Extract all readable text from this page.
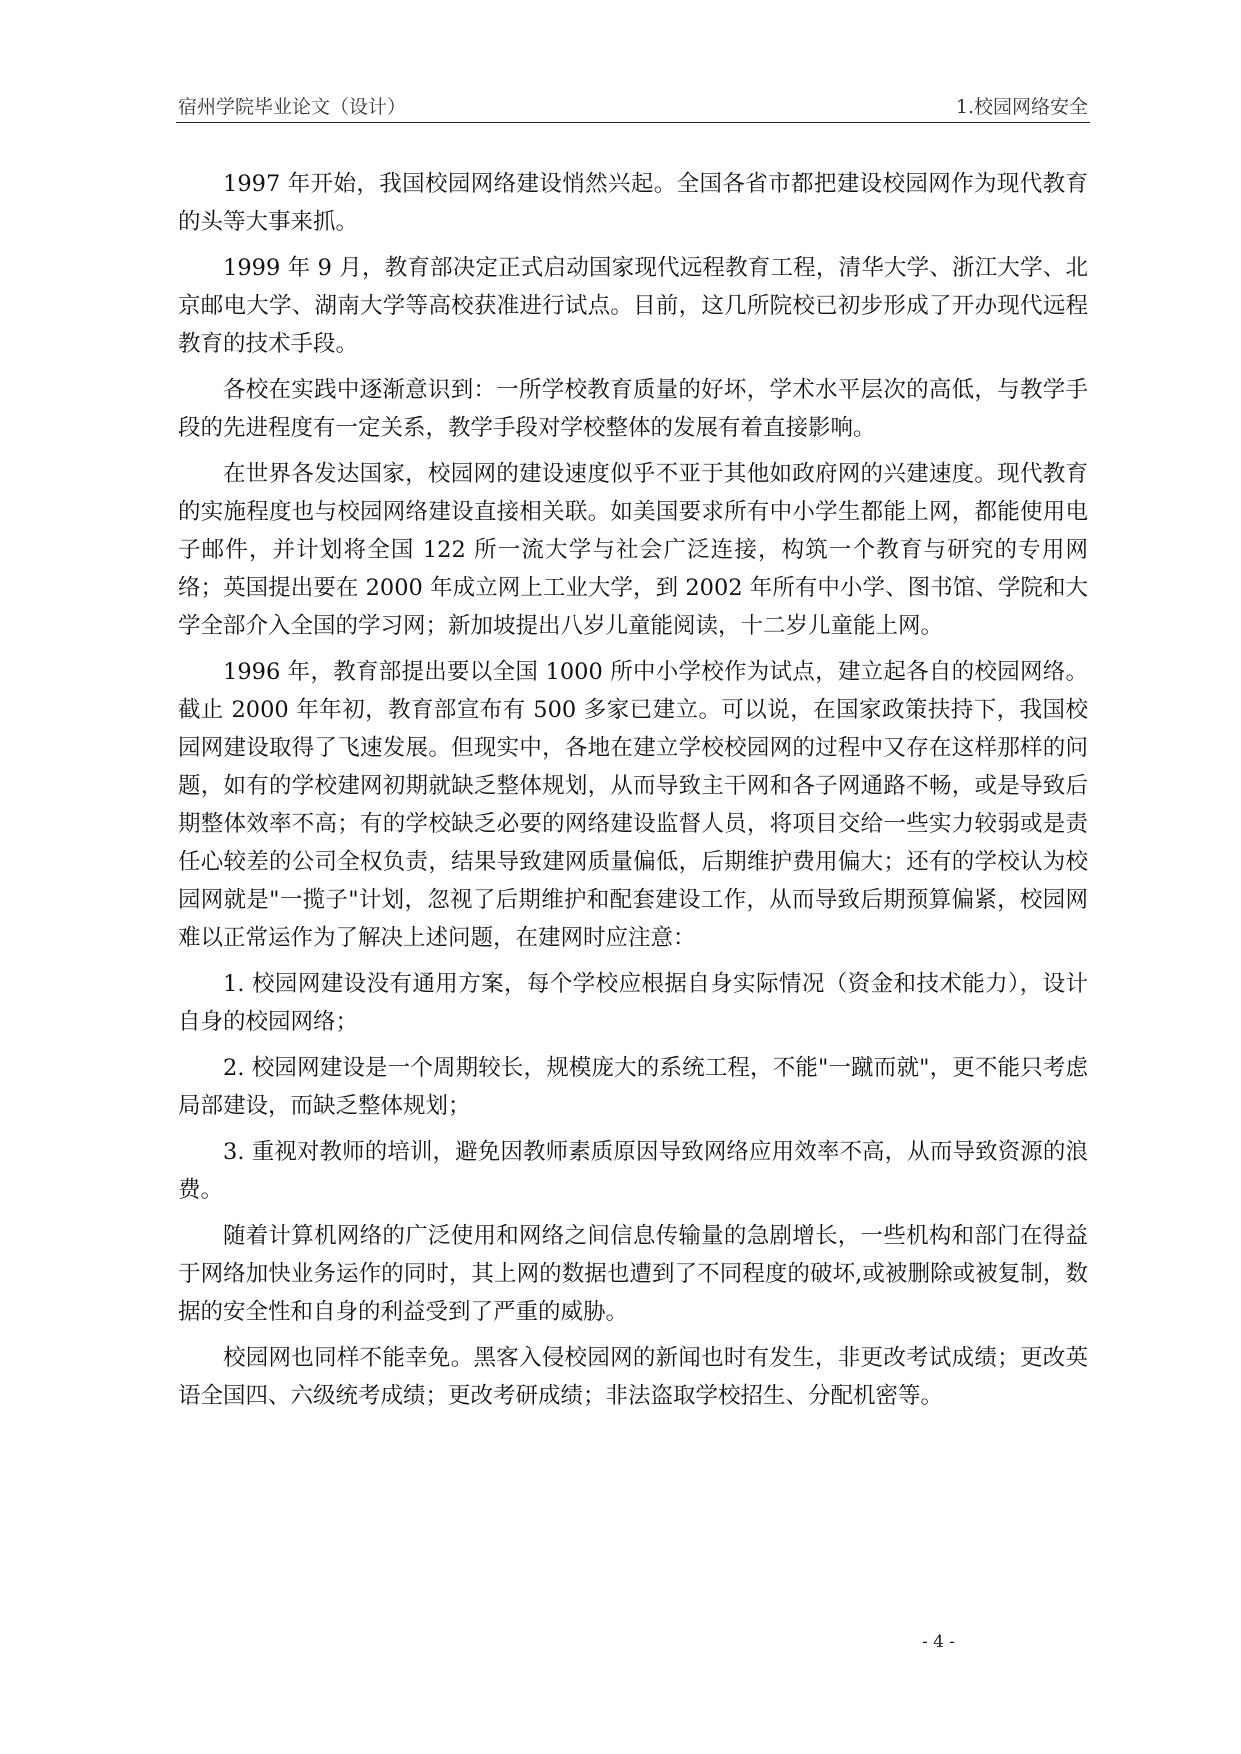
宿州学院毕业论文（设计）	1.校园网络安全

1997 年开始，我国校园网络建设悄然兴起。全国各省市都把建设校园网作为现代教育的头等大事来抓。

1999 年 9 月，教育部决定正式启动国家现代远程教育工程，清华大学、浙江大学、北京邮电大学、湖南大学等高校获准进行试点。目前，这几所院校已初步形成了开办现代远程教育的技术手段。

各校在实践中逐渐意识到：一所学校教育质量的好坏，学术水平层次的高低，与教学手段的先进程度有一定关系，教学手段对学校整体的发展有着直接影响。

在世界各发达国家，校园网的建设速度似乎不亚于其他如政府网的兴建速度。现代教育的实施程度也与校园网络建设直接相关联。如美国要求所有中小学生都能上网，都能使用电子邮件，并计划将全国 122 所一流大学与社会广泛连接，构筑一个教育与研究的专用网络；英国提出要在 2000 年成立网上工业大学，到 2002 年所有中小学、图书馆、学院和大学全部介入全国的学习网；新加坡提出八岁儿童能阅读，十二岁儿童能上网。

1996 年，教育部提出要以全国 1000 所中小学校作为试点，建立起各自的校园网络。截止 2000 年年初，教育部宣布有 500 多家已建立。可以说，在国家政策扶持下，我国校园网建设取得了飞速发展。但现实中，各地在建立学校校园网的过程中又存在这样那样的问题，如有的学校建网初期就缺乏整体规划，从而导致主干网和各子网通路不畅，或是导致后期整体效率不高；有的学校缺乏必要的网络建设监督人员，将项目交给一些实力较弱或是责任心较差的公司全权负责，结果导致建网质量偏低，后期维护费用偏大；还有的学校认为校园网就是"一揽子"计划，忽视了后期维护和配套建设工作，从而导致后期预算偏紧，校园网难以正常运作为了解决上述问题，在建网时应注意：

1. 校园网建设没有通用方案，每个学校应根据自身实际情况（资金和技术能力），设计自身的校园网络；

2. 校园网建设是一个周期较长，规模庞大的系统工程，不能"一蹴而就"，更不能只考虑局部建设，而缺乏整体规划；

3. 重视对教师的培训，避免因教师素质原因导致网络应用效率不高，从而导致资源的浪费。

随着计算机网络的广泛使用和网络之间信息传输量的急剧增长，一些机构和部门在得益于网络加快业务运作的同时，其上网的数据也遭到了不同程度的破坏,或被删除或被复制，数据的安全性和自身的利益受到了严重的威胁。

校园网也同样不能幸免。黑客入侵校园网的新闻也时有发生，非更改考试成绩；更改英语全国四、六级统考成绩；更改考研成绩；非法盗取学校招生、分配机密等。

- 4 -
